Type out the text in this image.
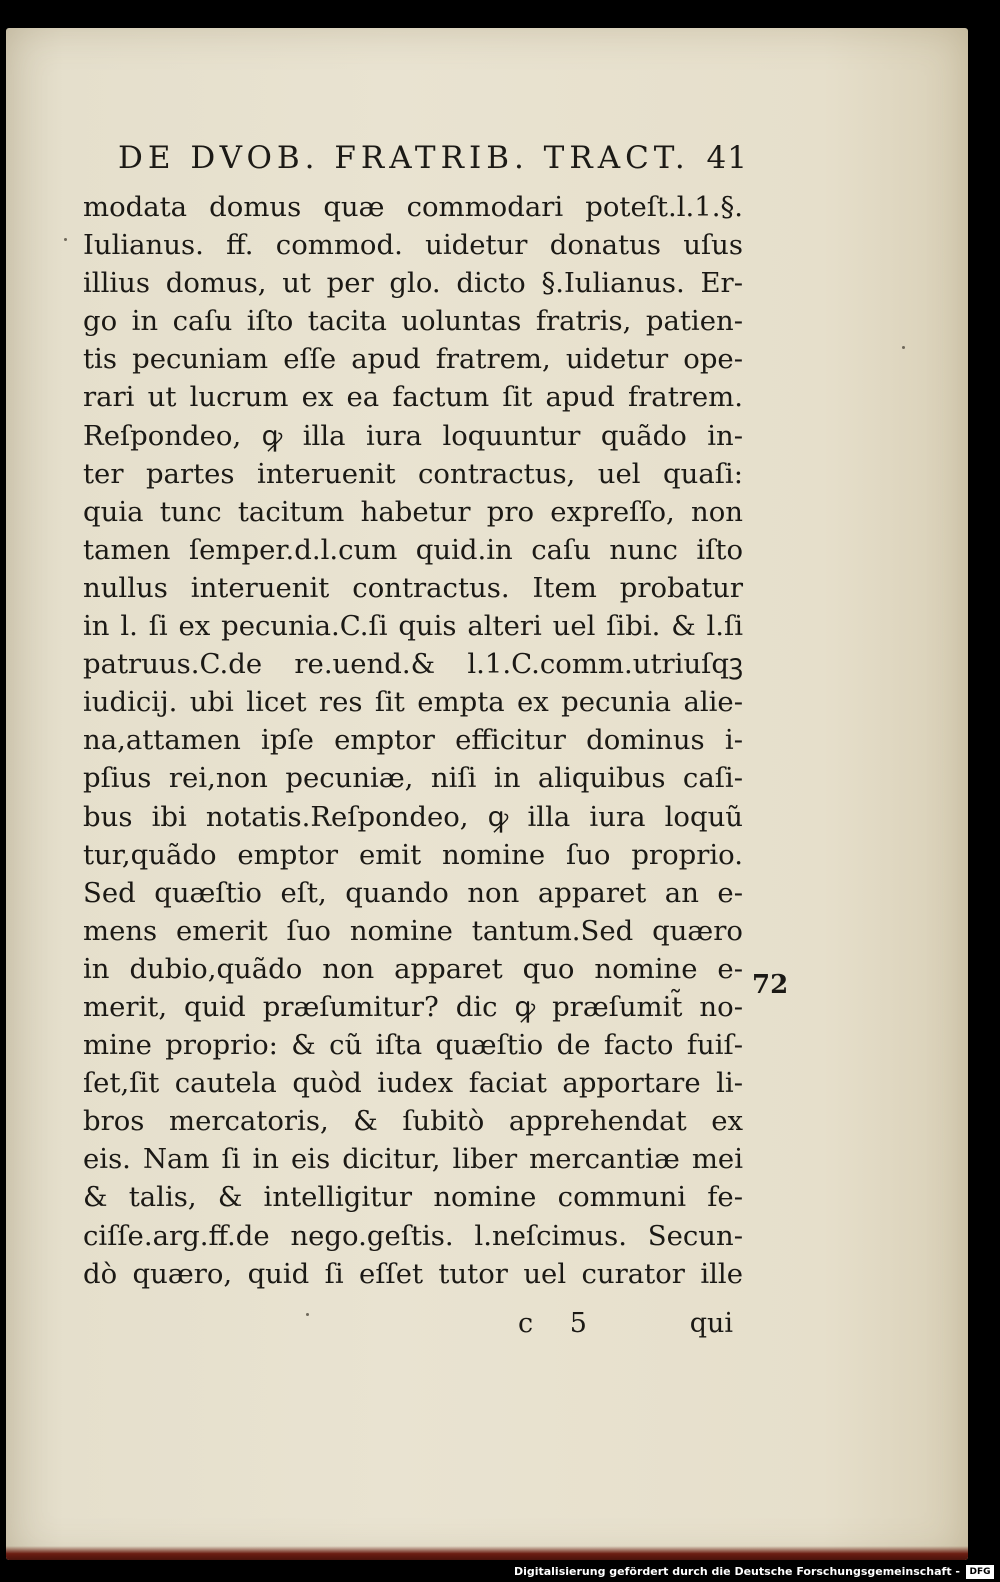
DE DVOB. FRATRIB. TRACT. 41
modata domus quæ commodari poteſt.l.1.§.
Iulianus. ff. commod. uidetur donatus uſus
illius domus, ut per glo. dicto §.Iulianus. Er-
go in caſu iſto tacita uoluntas fratris, patien-
tis pecuniam eſſe apud fratrem, uidetur ope-
rari ut lucrum ex ea factum ſit apud fratrem.
Reſpondeo, ꝙ illa iura loquuntur quãdo in-
ter partes interuenit contractus, uel quaſi:
quia tunc tacitum habetur pro expreſſo, non
tamen ſemper.d.l.cum quid.in caſu nunc iſto
nullus interuenit contractus. Item probatur
in l. ſi ex pecunia.C.ſi quis alteri uel ſibi. & l.ſi
patruus.C.de re.uend.& l.1.C.comm.utriuſqꝫ
iudicij. ubi licet res ſit empta ex pecunia alie-
na,attamen ipſe emptor efficitur dominus i-
pſius rei,non pecuniæ, niſi in aliquibus caſi-
bus ibi notatis.Reſpondeo, ꝙ illa iura loquũ
tur,quãdo emptor emit nomine ſuo proprio.
Sed quæſtio eſt, quando non apparet an e-
mens emerit ſuo nomine tantum.Sed quæro
in dubio,quãdo non apparet quo nomine e-
merit, quid præſumitur? dic ꝙ præſumit̃ no-
mine proprio: & cũ iſta quæſtio de facto fuiſ-
ſet,ſit cautela quòd iudex faciat apportare li-
bros mercatoris, & ſubitò apprehendat ex
eis. Nam ſi in eis dicitur, liber mercantiæ mei
& talis, & intelligitur nomine communi fe-
ciſſe.arg.ff.de nego.geſtis. l.neſcimus. Secun-
dò quæro, quid ſi eſſet tutor uel curator ille
c 5	qui
72
Digitalisierung gefördert durch die Deutsche Forschungsgemeinschaft -	DFG
